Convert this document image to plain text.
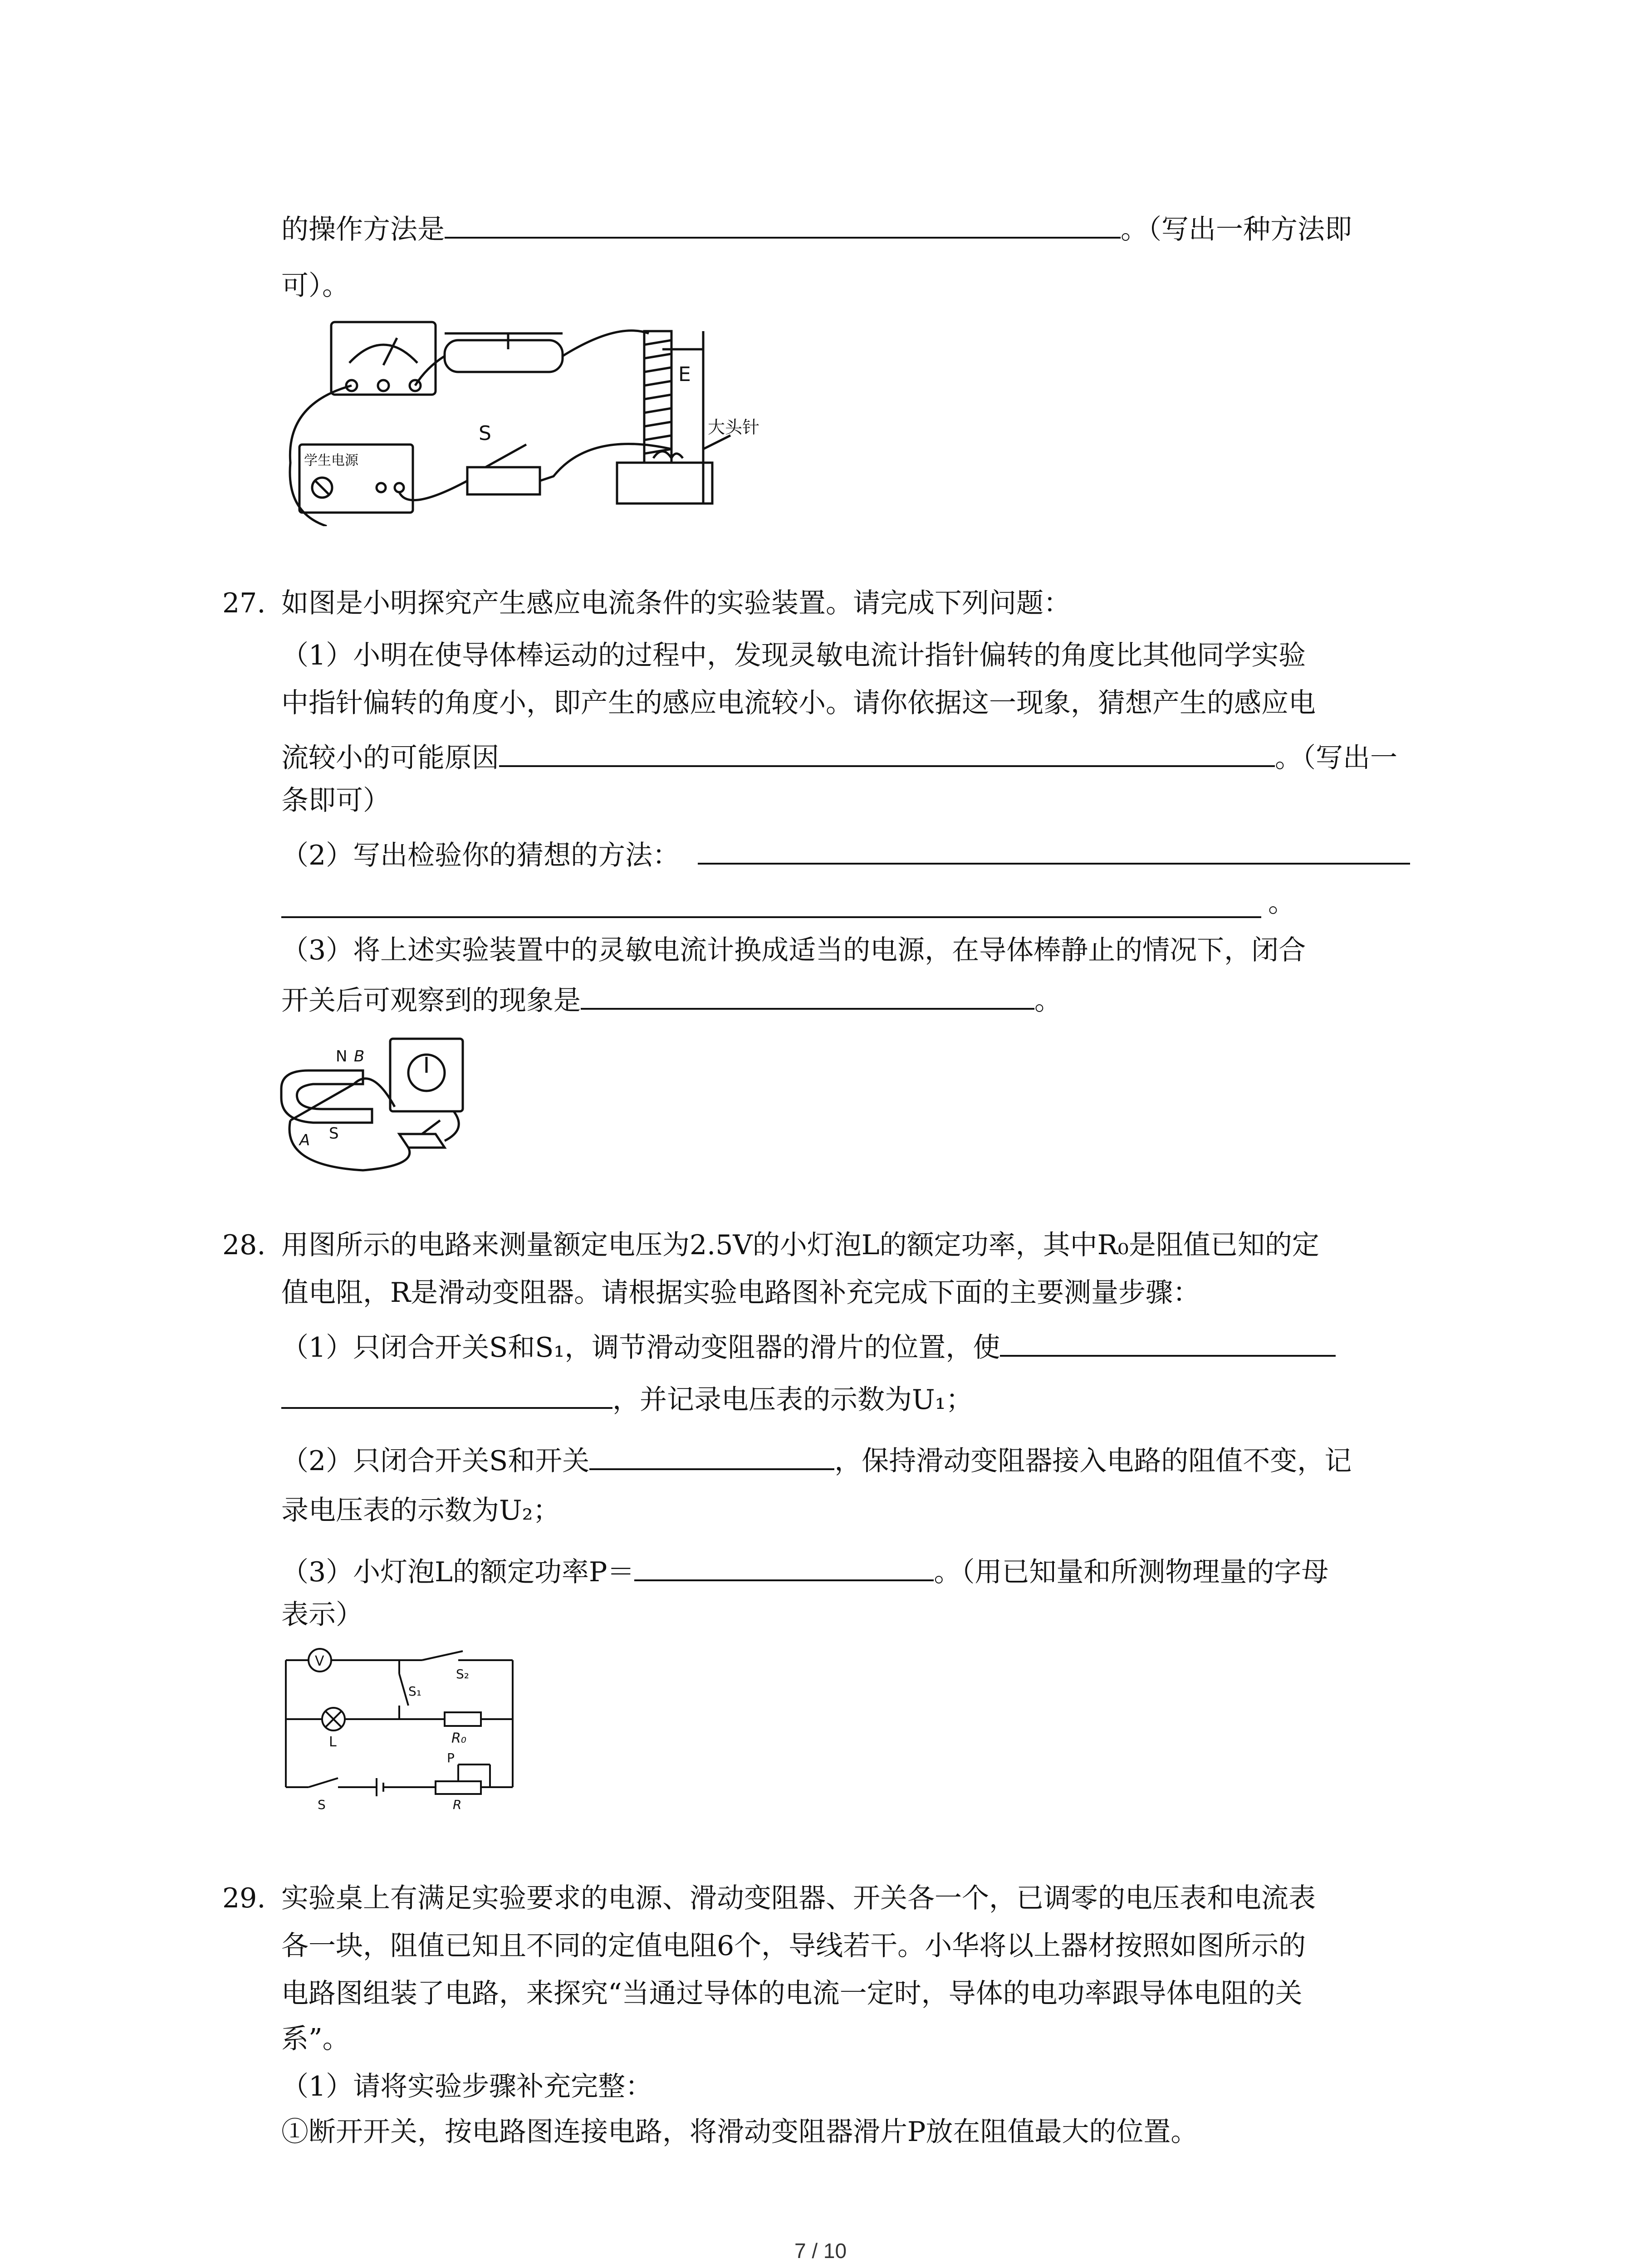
的操作方法是	。（写出一种方法即
可）。
E
S	大头针
学生电源
27. 如图是小明探究产生感应电流条件的实验装置。请完成下列问题：
（1）小明在使导体棒运动的过程中，发现灵敏电流计指针偏转的角度比其他同学实验
中指针偏转的角度小，即产生的感应电流较小。请你依据这一现象，猜想产生的感应电
流较小的可能原因	。（写出一
条即可）
（2）写出检验你的猜想的方法：
。
（3）将上述实验装置中的灵敏电流计换成适当的电源，在导体棒静止的情况下，闭合
开关后可观察到的现象是	。
N B
A S
28. 用图所示的电路来测量额定电压为2.5V的小灯泡L的额定功率，其中R₀是阻值已知的定
值电阻，R是滑动变阻器。请根据实验电路图补充完成下面的主要测量步骤：
（1）只闭合开关S和S₁，调节滑动变阻器的滑片的位置，使
，并记录电压表的示数为U₁；
（2）只闭合开关S和开关	，保持滑动变阻器接入电路的阻值不变，记
录电压表的示数为U₂；
（3）小灯泡L的额定功率P＝	。（用已知量和所测物理量的字母
表示）
V
S₂
S₁
L	R₀
P
S	R
29. 实验桌上有满足实验要求的电源、滑动变阻器、开关各一个，已调零的电压表和电流表
各一块，阻值已知且不同的定值电阻6个，导线若干。小华将以上器材按照如图所示的
电路图组装了电路，来探究“当通过导体的电流一定时，导体的电功率跟导体电阻的关
系”。
（1）请将实验步骤补充完整：
①断开开关，按电路图连接电路，将滑动变阻器滑片P放在阻值最大的位置。
7 / 10
